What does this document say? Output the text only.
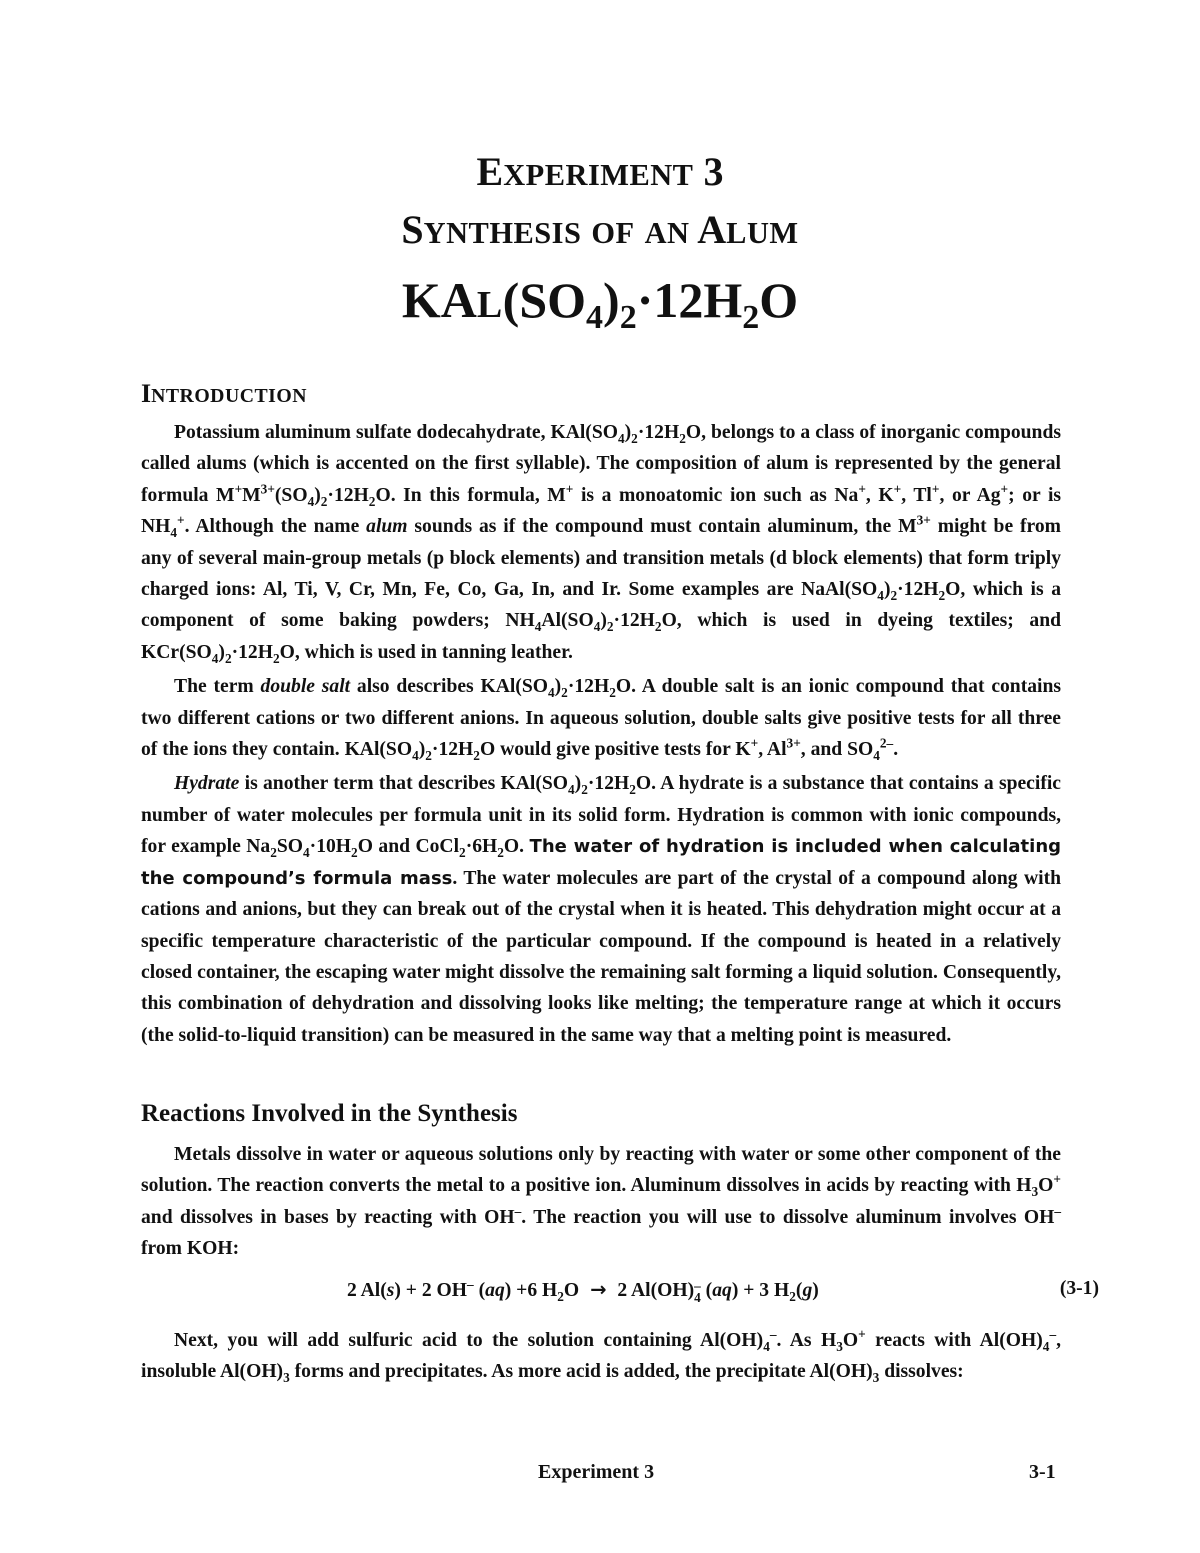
EXPERIMENT 3
SYNTHESIS OF AN ALUM
$KAL(SO_4)_2\cdot 12H_2O$
INTRODUCTION

Potassium aluminum sulfate dodecahydrate, $KAl(SO_4)_2\cdot 12H_2O$, belongs to a class of inorganic compounds called alums (which is accented on the first syllable). The composition of alum is represented by the general formula $M^+M^{3+}(SO_4)_2\cdot 12H_2O$. In this formula, M+ is a monoatomic ion such as Na+, K+, Tl+, or Ag+; or is $NH_4^+$. Although the name alum sounds as if the compound must contain aluminum, the $M^{3+}$ might be from any of several main-group metals (p block elements) and transition metals (d block elements) that form triply charged ions: Al, Ti, V, Cr, Mn, Fe, Co, Ga, In, and Ir. Some examples are $NaAl(SO_4)_2\cdot 12H_2O$, which is a component of some baking powders; $NH_4Al(SO_4)_2\cdot 12H_2O$, which is used in dyeing textiles; and $KCr(SO_4)_2\cdot 12H_2O$, which is used in tanning leather.

The term double salt also describes $KAl(SO_4)_2\cdot 12H_2O$. A double salt is an ionic compound that contains two different cations or two different anions. In aqueous solution, double salts give positive tests for all three of the ions they contain. $KAl(SO_4)_2\cdot 12H_2O$ would give positive tests for K+, $Al^{3+}$, and $SO_4^{2-}$.

Hydrate is another term that describes $KAl(SO_4)_2\cdot 12H_2O$. A hydrate is a substance that contains a specific number of water molecules per formula unit in its solid form. Hydration is common with ionic compounds, for example $Na_2SO_4\cdot 10H_2O$ and $CoCl_2\cdot 6H_2O$. The water of hydration is included when calculating the compound’s formula mass. The water molecules are part of the crystal of a compound along with cations and anions, but they can break out of the crystal when it is heated. This dehydration might occur at a specific temperature characteristic of the particular compound. If the compound is heated in a relatively closed container, the escaping water might dissolve the remaining salt forming a liquid solution. Consequently, this combination of dehydration and dissolving looks like melting; the temperature range at which it occurs (the solid-to-liquid transition) can be measured in the same way that a melting point is measured.

Reactions Involved in the Synthesis

Metals dissolve in water or aqueous solutions only by reacting with water or some other component of the solution. The reaction converts the metal to a positive ion. Aluminum dissolves in acids by reacting with $H_3O^+$ and dissolves in bases by reacting with OH–. The reaction you will use to dissolve aluminum involves OH– from KOH:

2 Al(s) + 2 OH– (aq) +6 $H_2O \to 2$ Al(OH)–
4 (aq) + 3 $H_2(g)$	(3-1)

Next, you will add sulfuric acid to the solution containing $Al(OH)_4^-$. As $H_3O^+$ reacts with $Al(OH)_4^-$, insoluble $Al(OH)_3$ forms and precipitates. As more acid is added, the precipitate $Al(OH)_3$ dissolves:

Experiment 3	3-1
